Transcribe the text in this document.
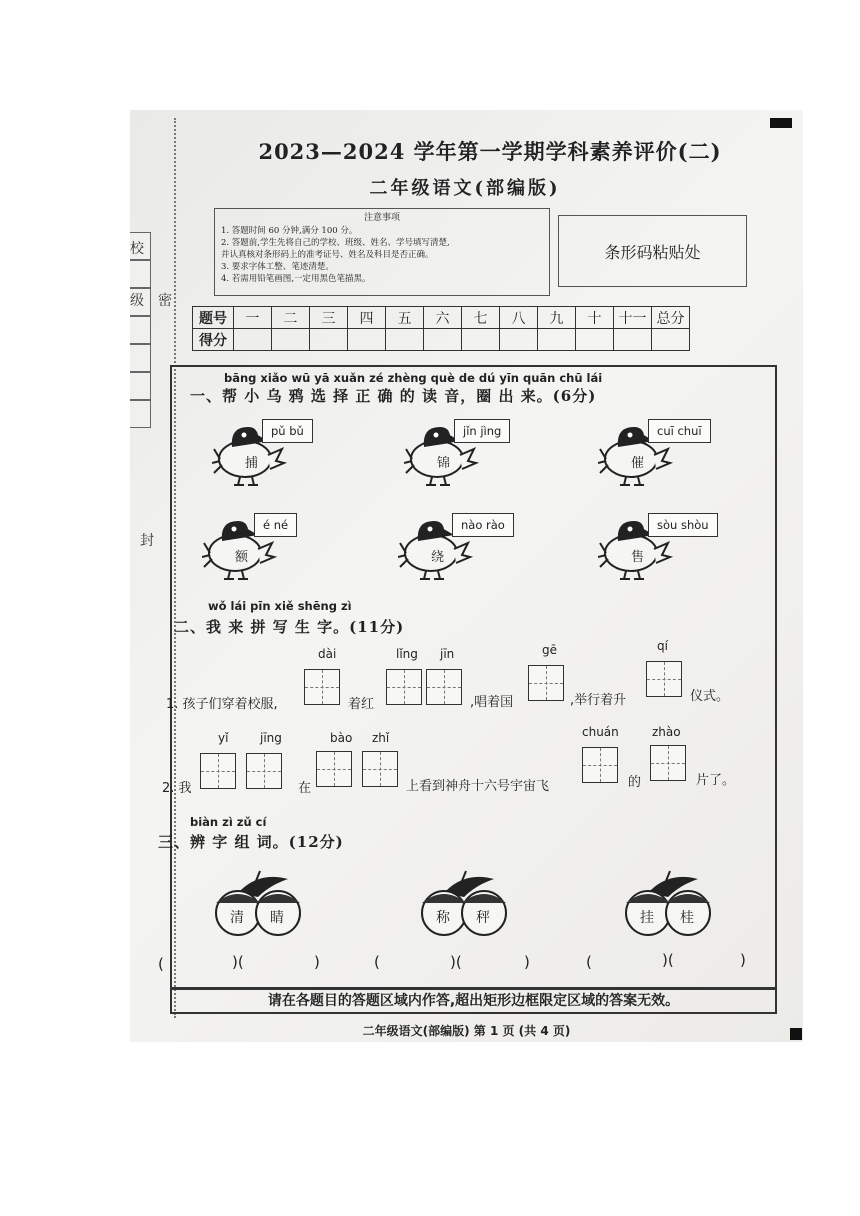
校
级 密
封
2023—2024 学年第一学期学科素养评价(二)
二年级语文(部编版)
注意事项
1. 答题时间 60 分钟,满分 100 分。
2. 答题前,学生先将自己的学校、班级、姓名、学号填写清楚,
并认真核对条形码上的准考证号、姓名及科目是否正确。
3. 要求字体工整、笔迹清楚。
4. 若需用铅笔画图,一定用黑色笔描黑。
条形码粘贴处
题号	一	二	三	四	五	六	七	八	九	十	十一	总分
得分												
bāng xiǎo wū yā xuǎn zé zhèng què de dú yīn quān chū lái
一、帮 小 乌 鸦 选 择 正 确 的 读 音，圈 出 来。(6分)
捕
pǔ bǔ
锦
jǐn jìng
催
cuī chuī
额
é né
绕
nào rào
售
sòu shòu
wǒ lái pīn xiě shēng zì
二、我 来 拼 写 生 字。(11分)
dài	lǐng jīn	gē	qí
1. 孩子们穿着校服,	着红	,唱着国	,举行着升	仪式。
yǐ	jīng	bào zhǐ	chuán	zhào
2. 我	在	上看到神舟十六号宇宙飞	的	片了。
biàn zì zǔ cí
三、辨 字 组 词。(12分)
清 睛	称 秤	挂 桂
(	)(	)	(	)(	)	(	)(	)
请在各题目的答题区域内作答,超出矩形边框限定区域的答案无效。
二年级语文(部编版) 第 1 页 (共 4 页)
